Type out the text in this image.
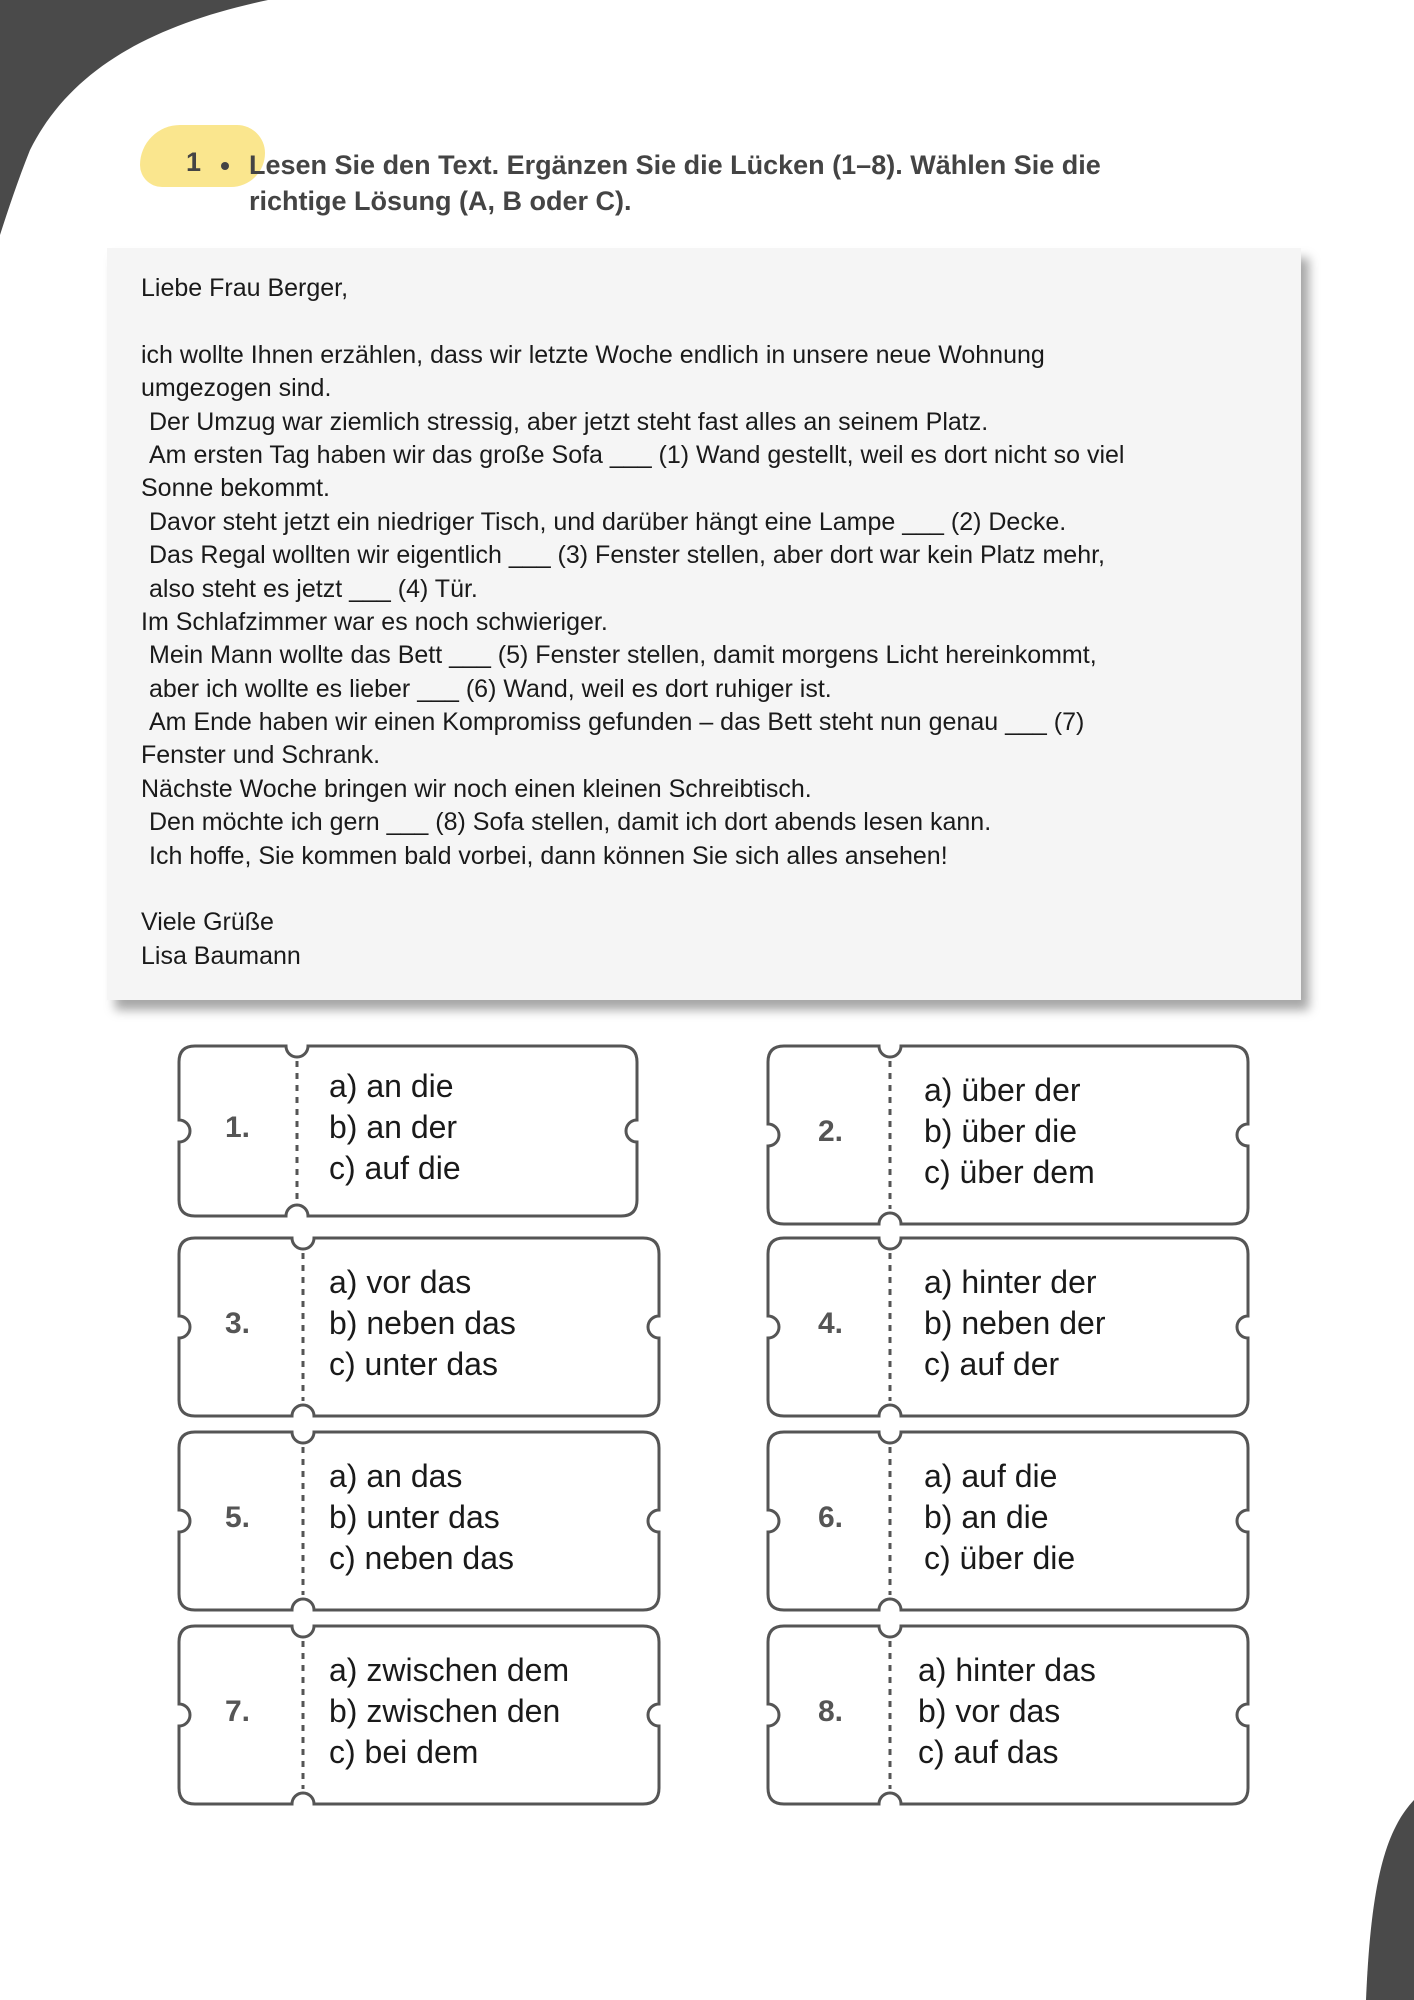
1 Lesen Sie den Text. Ergänzen Sie die Lücken (1–8). Wählen Sie die richtige Lösung (A, B oder C).
Liebe Frau Berger,
ich wollte Ihnen erzählen, dass wir letzte Woche endlich in unsere neue Wohnung
umgezogen sind.
Der Umzug war ziemlich stressig, aber jetzt steht fast alles an seinem Platz.
Am ersten Tag haben wir das große Sofa ___ (1) Wand gestellt, weil es dort nicht so viel
Sonne bekommt.
Davor steht jetzt ein niedriger Tisch, und darüber hängt eine Lampe ___ (2) Decke.
Das Regal wollten wir eigentlich ___ (3) Fenster stellen, aber dort war kein Platz mehr,
also steht es jetzt ___ (4) Tür.
Im Schlafzimmer war es noch schwieriger.
Mein Mann wollte das Bett ___ (5) Fenster stellen, damit morgens Licht hereinkommt,
aber ich wollte es lieber ___ (6) Wand, weil es dort ruhiger ist.
Am Ende haben wir einen Kompromiss gefunden – das Bett steht nun genau ___ (7)
Fenster und Schrank.
Nächste Woche bringen wir noch einen kleinen Schreibtisch.
Den möchte ich gern ___ (8) Sofa stellen, damit ich dort abends lesen kann.
Ich hoffe, Sie kommen bald vorbei, dann können Sie sich alles ansehen!
Viele Grüße
Lisa Baumann
1.
a) an die
b) an der
c) auf die
2.
a) über der
b) über die
c) über dem
3.
a) vor das
b) neben das
c) unter das
4.
a) hinter der
b) neben der
c) auf der
5.
a) an das
b) unter das
c) neben das
6.
a) auf die
b) an die
c) über die
7.
a) zwischen dem
b) zwischen den
c) bei dem
8.
a) hinter das
b) vor das
c) auf das
